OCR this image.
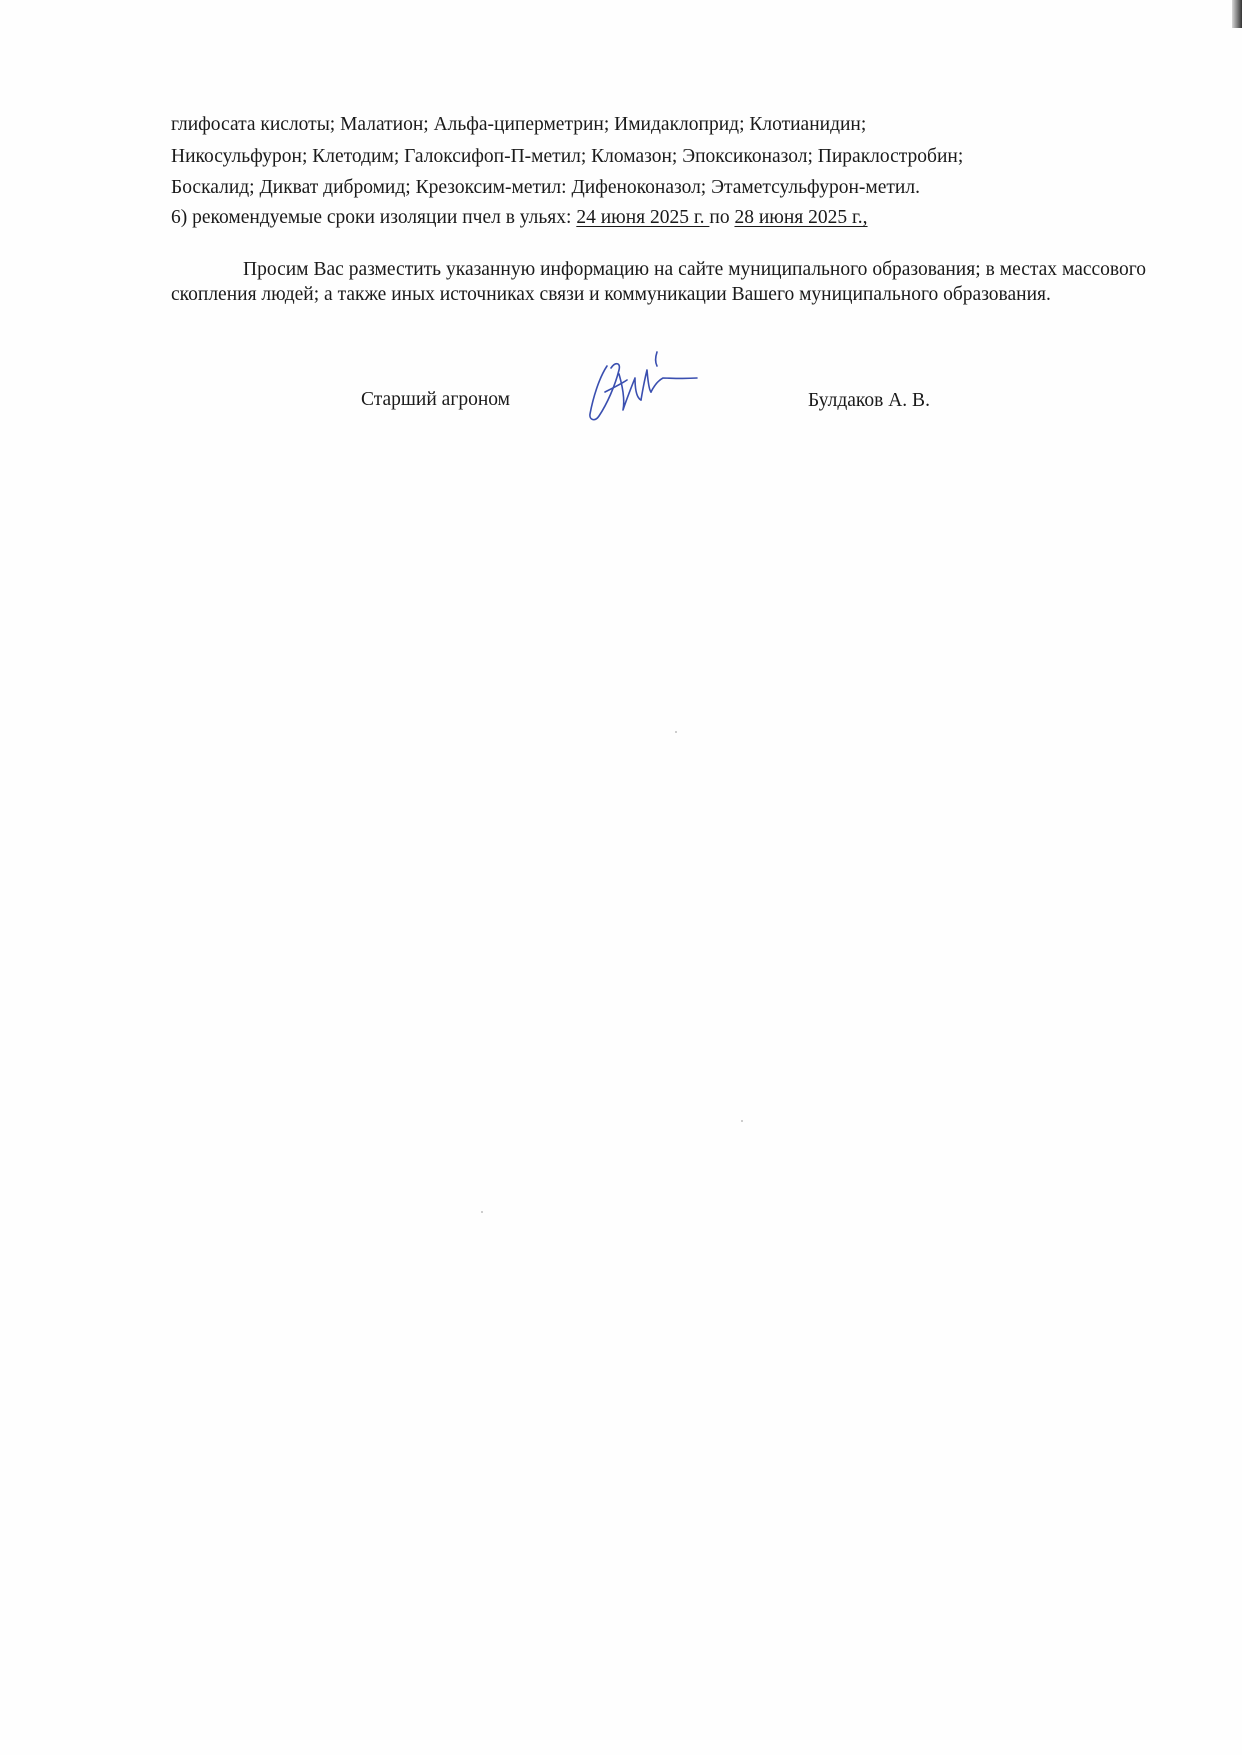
глифосата кислоты; Малатион; Альфа-циперметрин; Имидаклоприд; Клотианидин;
Никосульфурон; Клетодим; Галоксифоп-П-метил; Кломазон; Эпоксиконазол; Пираклостробин;
Боскалид; Дикват дибромид; Крезоксим-метил: Дифеноконазол; Этаметсульфурон-метил.
6) рекомендуемые сроки изоляции пчел в ульях: 24 июня 2025 г. по 28 июня 2025 г.,
Просим Вас разместить указанную информацию на сайте муниципального образования; в местах массового скопления людей; а также иных источниках связи и коммуникации Вашего муниципального образования.
Старший агроном	Булдаков А. В.
